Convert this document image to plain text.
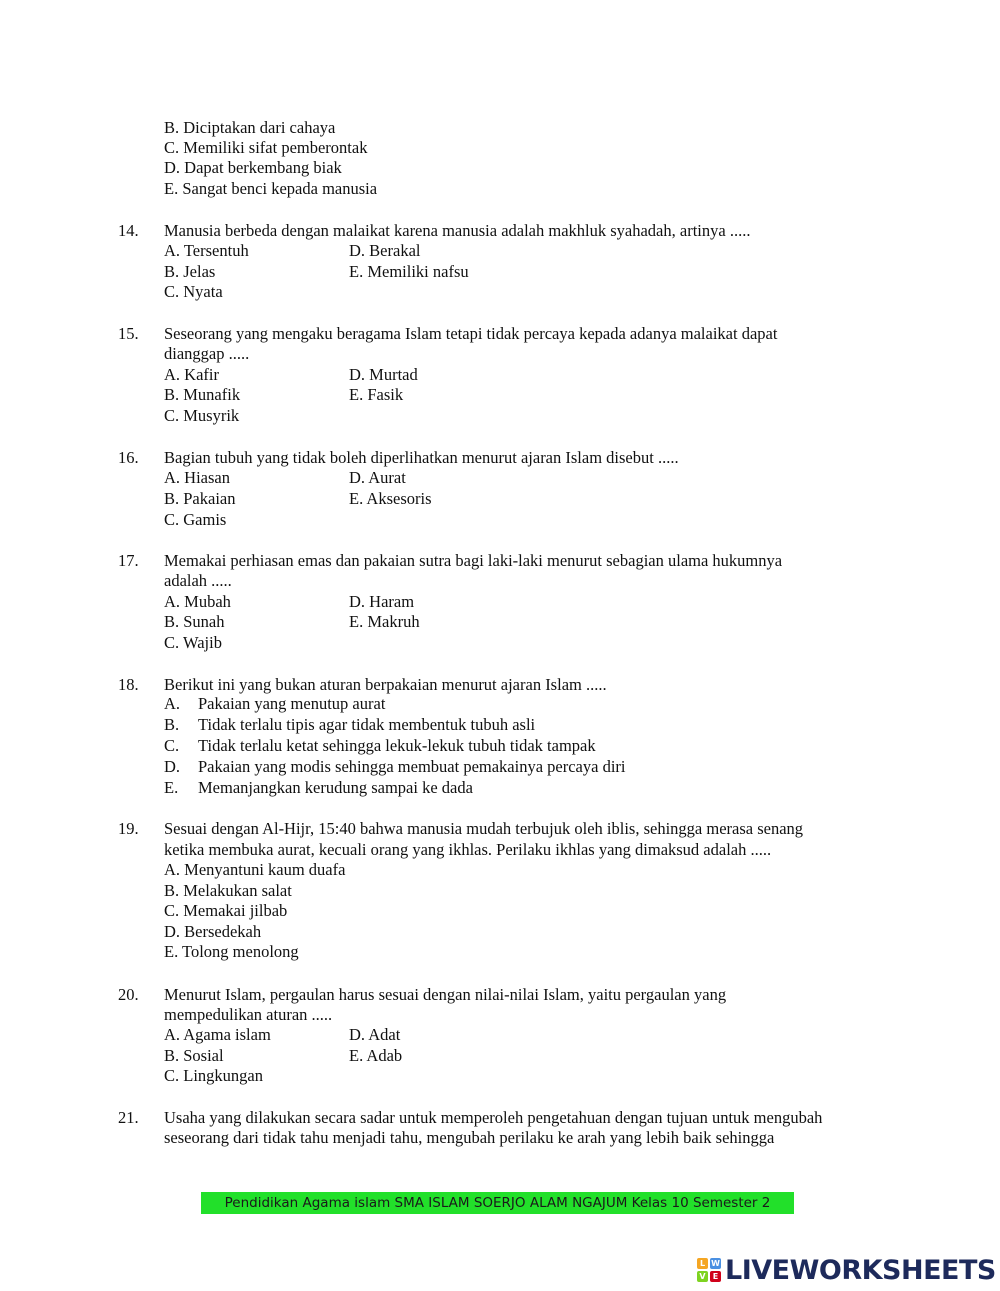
B. Diciptakan dari cahaya
C. Memiliki sifat pemberontak
D. Dapat berkembang biak
E. Sangat benci kepada manusia
14. Manusia berbeda dengan malaikat karena manusia adalah makhluk syahadah, artinya .....
A. Tersentuh	D. Berakal
B. Jelas	E. Memiliki nafsu
C. Nyata
15. Seseorang yang mengaku beragama Islam tetapi tidak percaya kepada adanya malaikat dapat
dianggap .....
A. Kafir	D. Murtad
B. Munafik	E. Fasik
C. Musyrik
16. Bagian tubuh yang tidak boleh diperlihatkan menurut ajaran Islam disebut .....
A. Hiasan	D. Aurat
B. Pakaian	E. Aksesoris
C. Gamis
17. Memakai perhiasan emas dan pakaian sutra bagi laki-laki menurut sebagian ulama hukumnya
adalah .....
A. Mubah	D. Haram
B. Sunah	E. Makruh
C. Wajib
18. Berikut ini yang bukan aturan berpakaian menurut ajaran Islam .....
A. Pakaian yang menutup aurat
B. Tidak terlalu tipis agar tidak membentuk tubuh asli
C. Tidak terlalu ketat sehingga lekuk-lekuk tubuh tidak tampak
D. Pakaian yang modis sehingga membuat pemakainya percaya diri
E. Memanjangkan kerudung sampai ke dada
19. Sesuai dengan Al-Hijr, 15:40 bahwa manusia mudah terbujuk oleh iblis, sehingga merasa senang
ketika membuka aurat, kecuali orang yang ikhlas. Perilaku ikhlas yang dimaksud adalah .....
A. Menyantuni kaum duafa
B. Melakukan salat
C. Memakai jilbab
D. Bersedekah
E. Tolong menolong
20. Menurut Islam, pergaulan harus sesuai dengan nilai-nilai Islam, yaitu pergaulan yang
mempedulikan aturan .....
A. Agama islam	D. Adat
B. Sosial	E. Adab
C. Lingkungan
21. Usaha yang dilakukan secara sadar untuk memperoleh pengetahuan dengan tujuan untuk mengubah
seseorang dari tidak tahu menjadi tahu, mengubah perilaku ke arah yang lebih baik sehingga
Pendidikan Agama islam SMA ISLAM SOERJO ALAM NGAJUM Kelas 10 Semester 2
L W
V E LIVEWORKSHEETS
